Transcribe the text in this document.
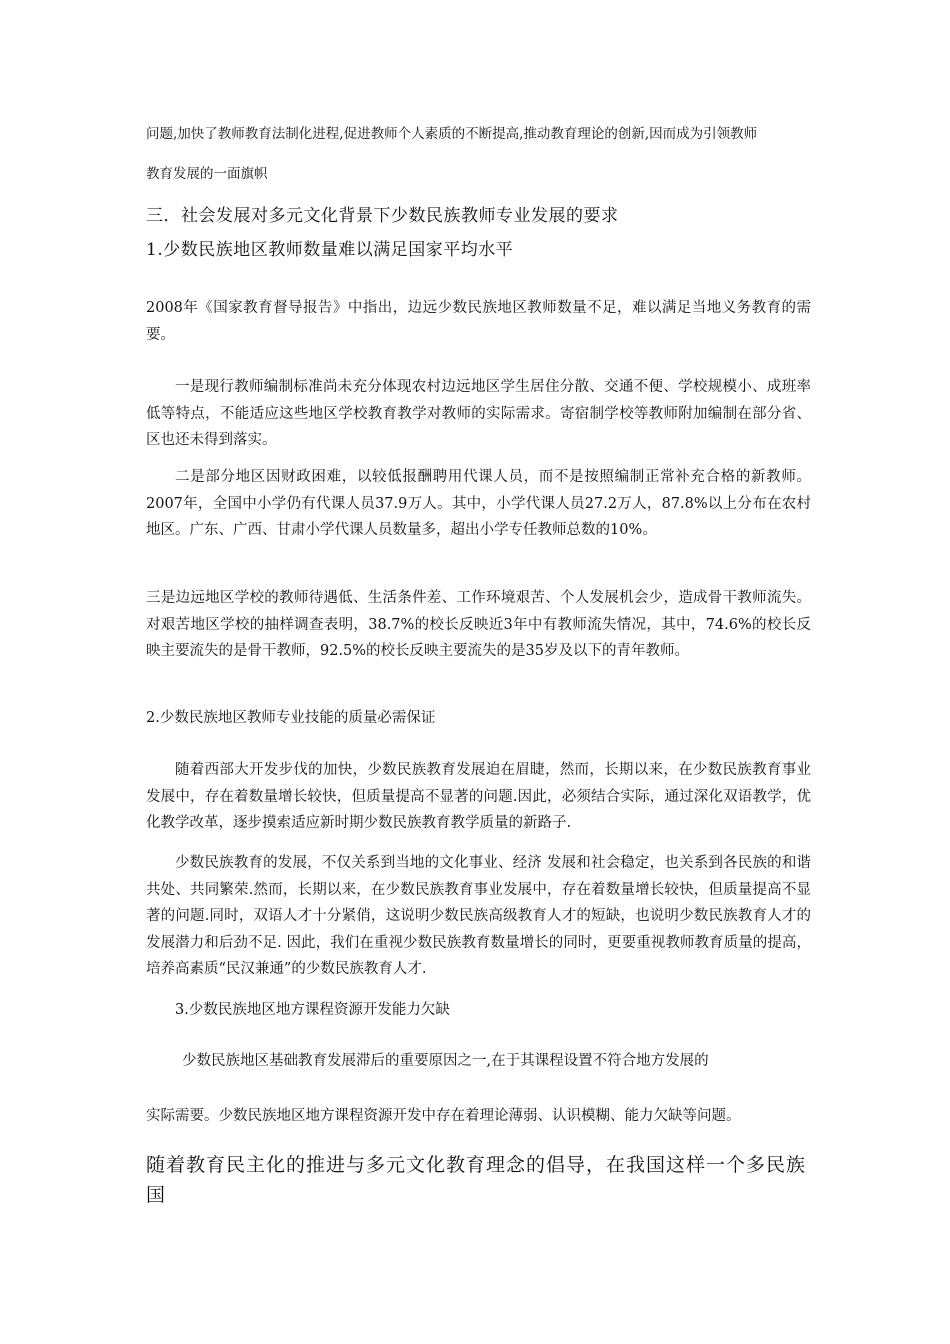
问题,加快了教师教育法制化进程,促进教师个人素质的不断提高,推动教育理论的创新,因而成为引领教师

教育发展的一面旗帜

三．社会发展对多元文化背景下少数民族教师专业发展的要求

1.少数民族地区教师数量难以满足国家平均水平

2008年《国家教育督导报告》中指出，边远少数民族地区教师数量不足，难以满足当地义务教育的需要。

一是现行教师编制标准尚未充分体现农村边远地区学生居住分散、交通不便、学校规模小、成班率低等特点，不能适应这些地区学校教育教学对教师的实际需求。寄宿制学校等教师附加编制在部分省、区也还未得到落实。

二是部分地区因财政困难，以较低报酬聘用代课人员，而不是按照编制正常补充合格的新教师。2007年，全国中小学仍有代课人员37.9万人。其中，小学代课人员27.2万人，87.8%以上分布在农村地区。广东、广西、甘肃小学代课人员数量多，超出小学专任教师总数的10%。

三是边远地区学校的教师待遇低、生活条件差、工作环境艰苦、个人发展机会少，造成骨干教师流失。对艰苦地区学校的抽样调查表明，38.7%的校长反映近3年中有教师流失情况，其中，74.6%的校长反映主要流失的是骨干教师，92.5%的校长反映主要流失的是35岁及以下的青年教师。

2.少数民族地区教师专业技能的质量必需保证

随着西部大开发步伐的加快，少数民族教育发展迫在眉睫，然而，长期以来，在少数民族教育事业发展中，存在着数量增长较快，但质量提高不显著的问题.因此，必须结合实际，通过深化双语教学，优化教学改革，逐步摸索适应新时期少数民族教育教学质量的新路子.

少数民族教育的发展，不仅关系到当地的文化事业、经济 发展和社会稳定，也关系到各民族的和谐共处、共同繁荣.然而，长期以来，在少数民族教育事业发展中，存在着数量增长较快，但质量提高不显著的问题.同时，双语人才十分紧俏，这说明少数民族高级教育人才的短缺，也说明少数民族教育人才的发展潜力和后劲不足. 因此，我们在重视少数民族教育数量增长的同时，更要重视教师教育质量的提高，培养高素质“民汉兼通”的少数民族教育人才.

3.少数民族地区地方课程资源开发能力欠缺

少数民族地区基础教育发展滞后的重要原因之一,在于其课程设置不符合地方发展的

实际需要。少数民族地区地方课程资源开发中存在着理论薄弱、认识模糊、能力欠缺等问题。

随着教育民主化的推进与多元文化教育理念的倡导，在我国这样一个多民族国
